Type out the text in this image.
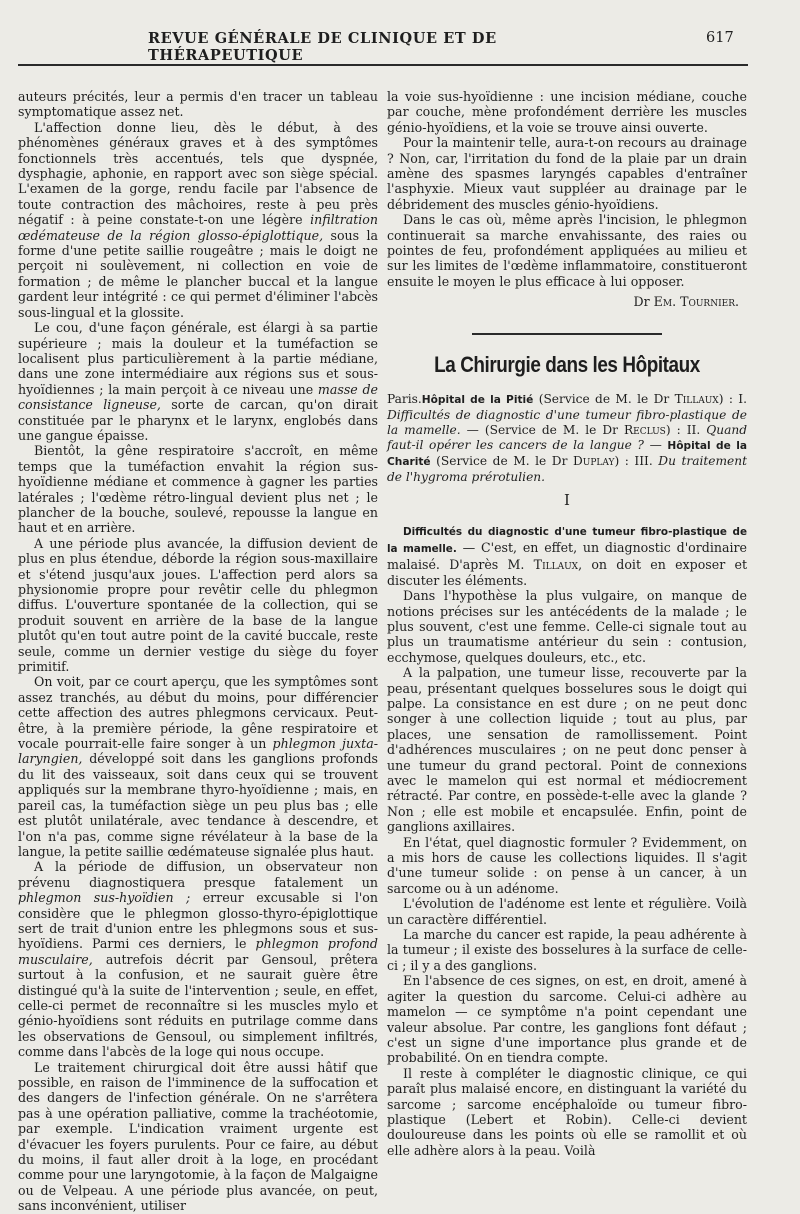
REVUE GÉNÉRALE DE CLINIQUE ET DE THÉRAPEUTIQUE
617

auteurs précités, leur a permis d'en tracer un tableau symptomatique assez net.

L'affection donne lieu, dès le début, à des phénomènes généraux graves et à des symptômes fonctionnels très accentués, tels que dyspnée, dysphagie, aphonie, en rapport avec son siège spécial. L'examen de la gorge, rendu facile par l'absence de toute contraction des mâchoires, reste à peu près négatif : à peine constate-t-on une légère infiltration œdémateuse de la région glosso-épiglottique, sous la forme d'une petite saillie rougeâtre ; mais le doigt ne perçoit ni soulèvement, ni collection en voie de formation ; de même le plancher buccal et la langue gardent leur intégrité : ce qui permet d'éliminer l'abcès sous-lingual et la glossite.

Le cou, d'une façon générale, est élargi à sa partie supérieure ; mais la douleur et la tuméfaction se localisent plus particulièrement à la partie médiane, dans une zone intermédiaire aux régions sus et sous-hyoïdiennes ; la main perçoit à ce niveau une masse de consistance ligneuse, sorte de carcan, qu'on dirait constituée par le pharynx et le larynx, englobés dans une gangue épaisse.

Bientôt, la gêne respiratoire s'accroît, en même temps que la tuméfaction envahit la région sus-hyoïdienne médiane et commence à gagner les parties latérales ; l'œdème rétro-lingual devient plus net ; le plancher de la bouche, soulevé, repousse la langue en haut et en arrière.

A une période plus avancée, la diffusion devient de plus en plus étendue, déborde la région sous-maxillaire et s'étend jusqu'aux joues. L'affection perd alors sa physionomie propre pour revêtir celle du phlegmon diffus. L'ouverture spontanée de la collection, qui se produit souvent en arrière de la base de la langue plutôt qu'en tout autre point de la cavité buccale, reste seule, comme un dernier vestige du siège du foyer primitif.

On voit, par ce court aperçu, que les symptômes sont assez tranchés, au début du moins, pour différencier cette affection des autres phlegmons cervicaux. Peut-être, à la première période, la gêne respiratoire et vocale pourrait-elle faire songer à un phlegmon juxta-laryngien, développé soit dans les ganglions profonds du lit des vaisseaux, soit dans ceux qui se trouvent appliqués sur la membrane thyro-hyoïdienne ; mais, en pareil cas, la tuméfaction siège un peu plus bas ; elle est plutôt unilatérale, avec tendance à descendre, et l'on n'a pas, comme signe révélateur à la base de la langue, la petite saillie œdémateuse signalée plus haut.

A la période de diffusion, un observateur non prévenu diagnostiquera presque fatalement un phlegmon sus-hyoïdien ; erreur excusable si l'on considère que le phlegmon glosso-thyro-épiglottique sert de trait d'union entre les phlegmons sous et sus-hyoïdiens. Parmi ces derniers, le phlegmon profond musculaire, autrefois décrit par Gensoul, prêtera surtout à la confusion, et ne saurait guère être distingué qu'à la suite de l'intervention ; seule, en effet, celle-ci permet de reconnaître si les muscles mylo et génio-hyoïdiens sont réduits en putrilage comme dans les observations de Gensoul, ou simplement infiltrés, comme dans l'abcès de la loge qui nous occupe.

Le traitement chirurgical doit être aussi hâtif que possible, en raison de l'imminence de la suffocation et des dangers de l'infection générale. On ne s'arrêtera pas à une opération palliative, comme la trachéotomie, par exemple. L'indication vraiment urgente est d'évacuer les foyers purulents. Pour ce faire, au début du moins, il faut aller droit à la loge, en procédant comme pour une laryngotomie, à la façon de Malgaigne ou de Velpeau. A une période plus avancée, on peut, sans inconvénient, utiliser

la voie sus-hyoïdienne : une incision médiane, couche par couche, mène profondément derrière les muscles génio-hyoïdiens, et la voie se trouve ainsi ouverte.

Pour la maintenir telle, aura-t-on recours au drainage ? Non, car, l'irritation du fond de la plaie par un drain amène des spasmes laryngés capables d'entraîner l'asphyxie. Mieux vaut suppléer au drainage par le débridement des muscles génio-hyoïdiens.

Dans le cas où, même après l'incision, le phlegmon continuerait sa marche envahissante, des raies ou pointes de feu, profondément appliquées au milieu et sur les limites de l'œdème inflammatoire, constitueront ensuite le moyen le plus efficace à lui opposer.

Dr Em. Tournier.
La Chirurgie dans les Hôpitaux

Paris.Hôpital de la Pitié (Service de M. le Dr Tillaux) : I. Difficultés de diagnostic d'une tumeur fibro-plastique de la mamelle. — (Service de M. le Dr Reclus) : II. Quand faut-il opérer les cancers de la langue ? — Hôpital de la Charité (Service de M. le Dr Duplay) : III. Du traitement de l'hygroma prérotulien.

I

Difficultés du diagnostic d'une tumeur fibro-plastique de la mamelle. — C'est, en effet, un diagnostic d'ordinaire malaisé. D'après M. Tillaux, on doit en exposer et discuter les éléments.

Dans l'hypothèse la plus vulgaire, on manque de notions précises sur les antécédents de la malade ; le plus souvent, c'est une femme. Celle-ci signale tout au plus un traumatisme antérieur du sein : contusion, ecchymose, quelques douleurs, etc., etc.

A la palpation, une tumeur lisse, recouverte par la peau, présentant quelques bosselures sous le doigt qui palpe. La consistance en est dure ; on ne peut donc songer à une collection liquide ; tout au plus, par places, une sensation de ramollissement. Point d'adhérences musculaires ; on ne peut donc penser à une tumeur du grand pectoral. Point de connexions avec le mamelon qui est normal et médiocrement rétracté. Par contre, en possède-t-elle avec la glande ? Non ; elle est mobile et encapsulée. Enfin, point de ganglions axillaires.

En l'état, quel diagnostic formuler ? Evidemment, on a mis hors de cause les collections liquides. Il s'agit d'une tumeur solide : on pense à un cancer, à un sarcome ou à un adénome.

L'évolution de l'adénome est lente et régulière. Voilà un caractère différentiel.

La marche du cancer est rapide, la peau adhérente à la tumeur ; il existe des bosselures à la surface de celle-ci ; il y a des ganglions.

En l'absence de ces signes, on est, en droit, amené à agiter la question du sarcome. Celui-ci adhère au mamelon — ce symptôme n'a point cependant une valeur absolue. Par contre, les ganglions font défaut ; c'est un signe d'une importance plus grande et de probabilité. On en tiendra compte.

Il reste à compléter le diagnostic clinique, ce qui paraît plus malaisé encore, en distinguant la variété du sarcome ; sarcome encéphaloïde ou tumeur fibro-plastique (Lebert et Robin). Celle-ci devient douloureuse dans les points où elle se ramollit et où elle adhère alors à la peau. Voilà
